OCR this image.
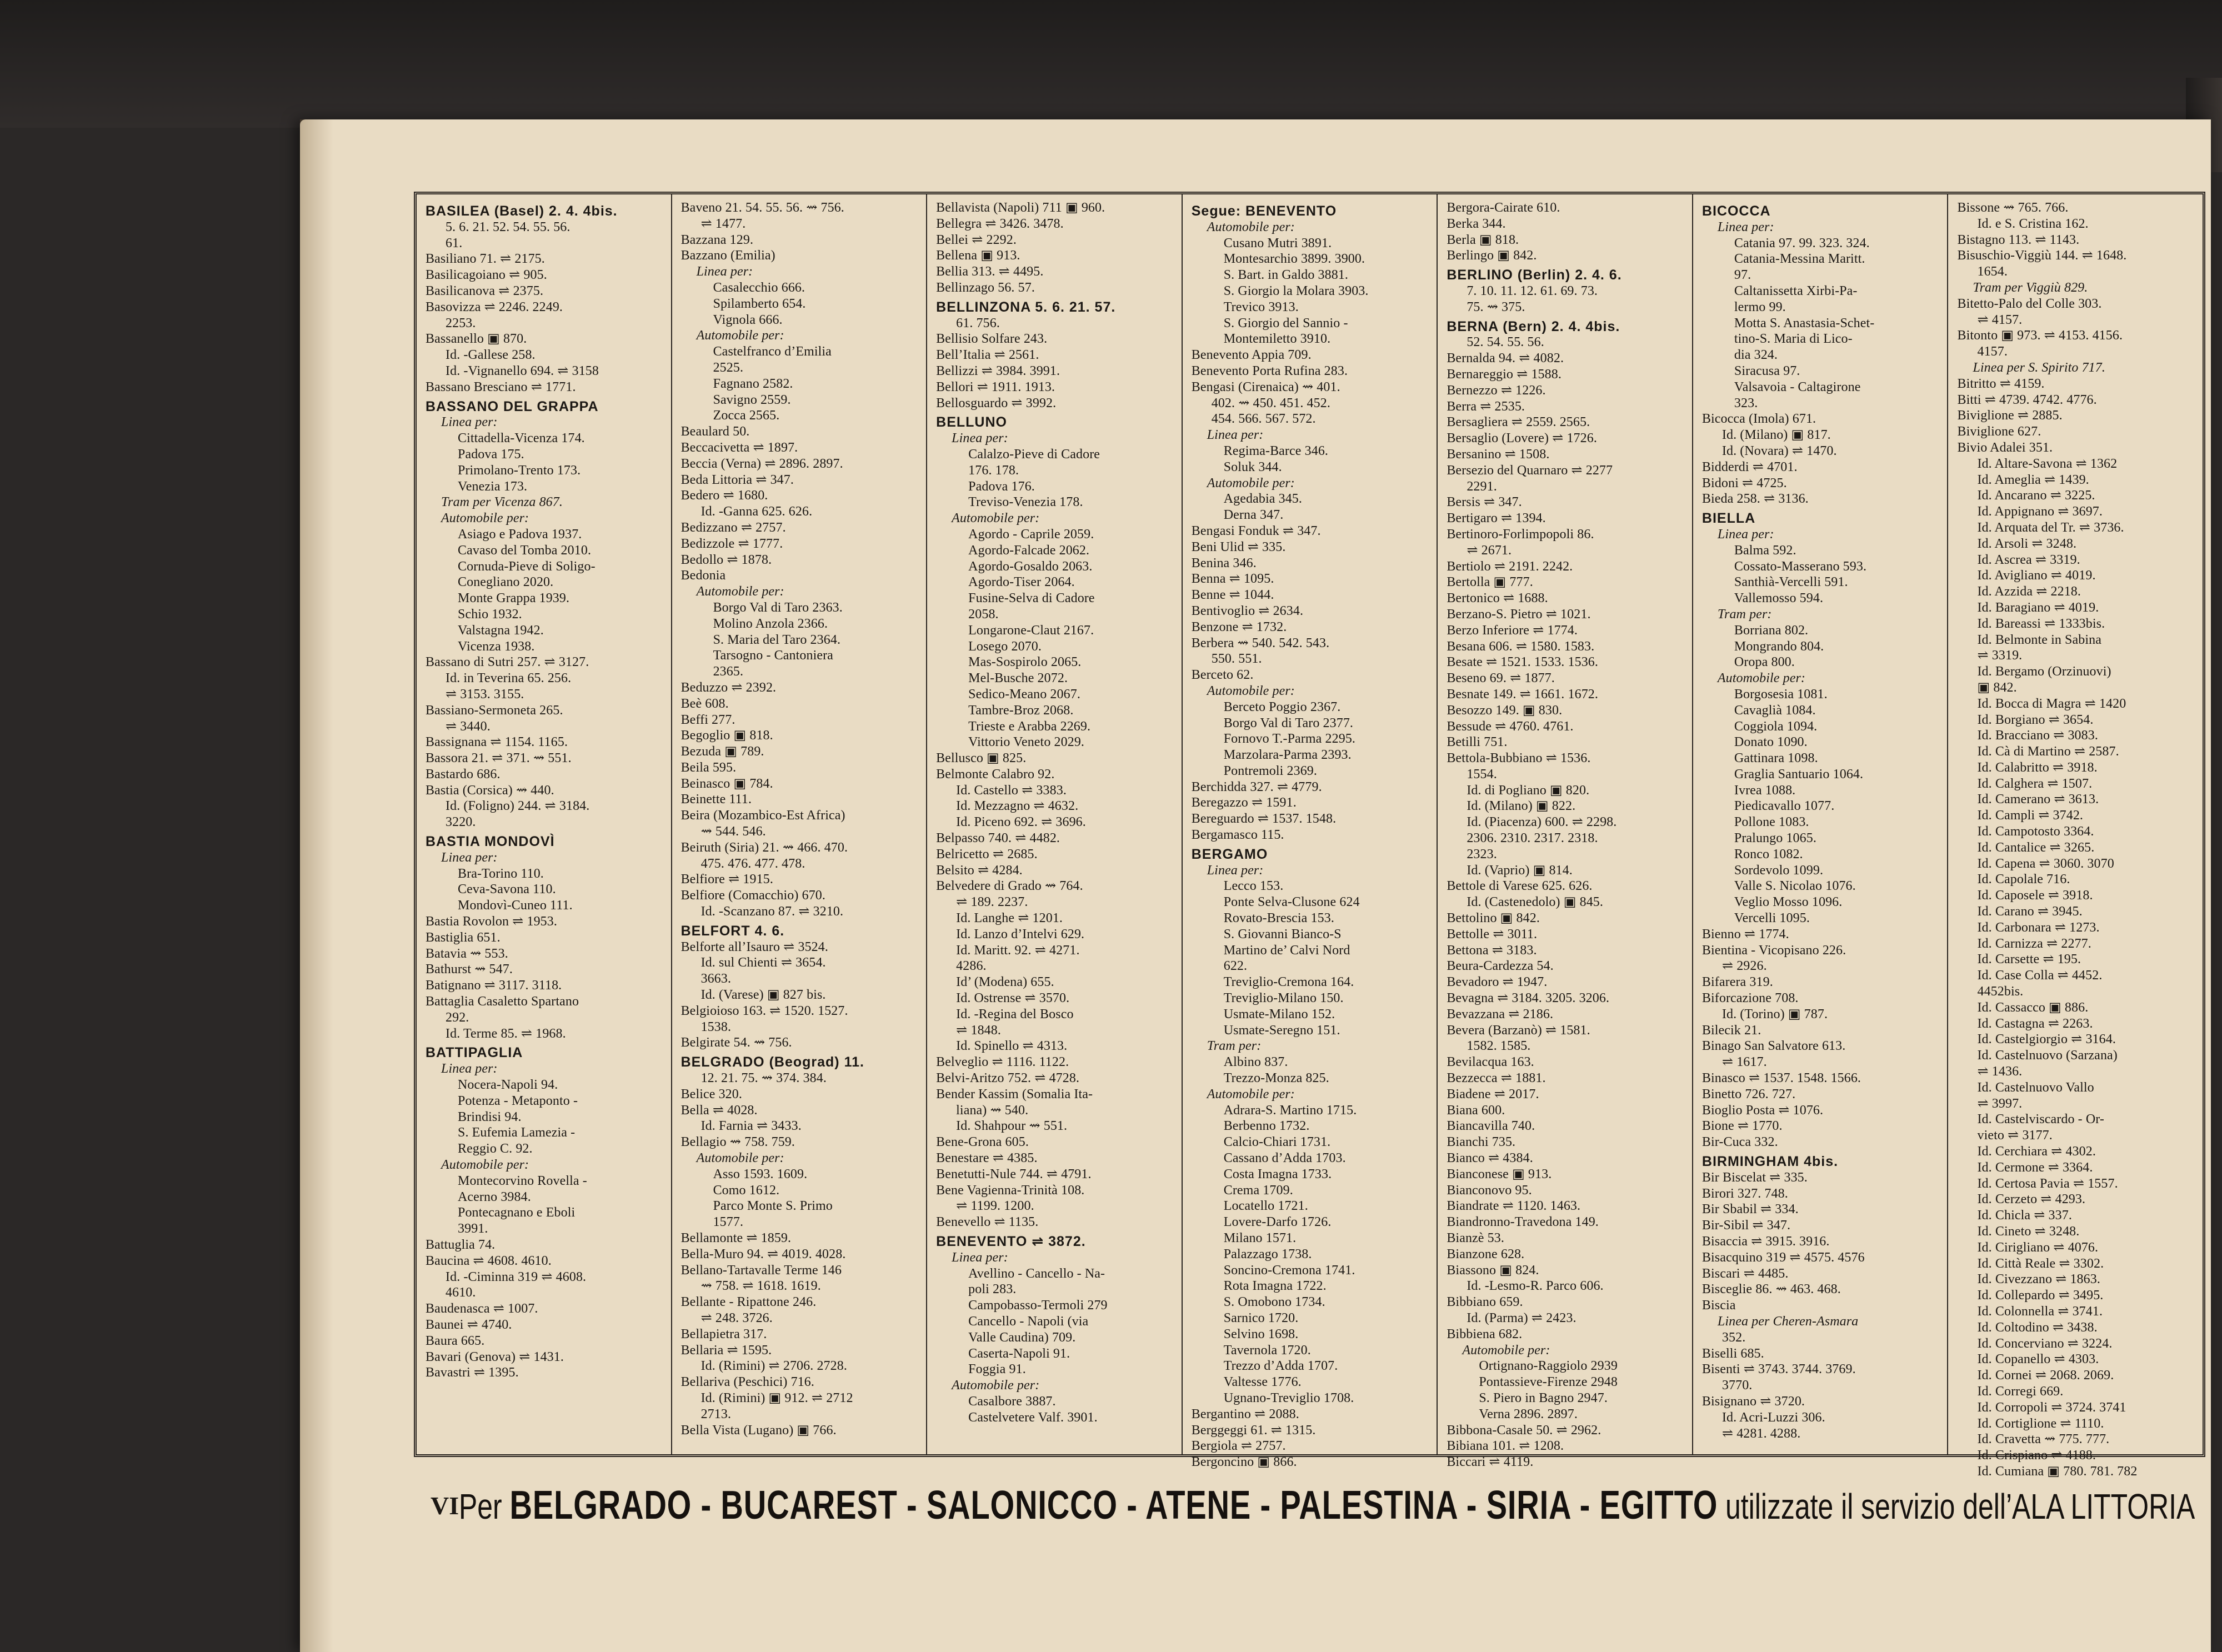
BASILEA (Basel) 2. 4. 4bis.
5. 6. 21. 52. 54. 55. 56.
61.
Basiliano 71. ⇌ 2175.
Basilicagoiano ⇌ 905.
Basilicanova ⇌ 2375.
Basovizza ⇌ 2246. 2249.
2253.
Bassanello ▣ 870.
Id. -Gallese 258.
Id. -Vignanello 694. ⇌ 3158
Bassano Bresciano ⇌ 1771.
BASSANO DEL GRAPPA
Linea per:
Cittadella-Vicenza 174.
Padova 175.
Primolano-Trento 173.
Venezia 173.
Tram per Vicenza 867.
Automobile per:
Asiago e Padova 1937.
Cavaso del Tomba 2010.
Cornuda-Pieve di Soligo-
Conegliano 2020.
Monte Grappa 1939.
Schio 1932.
Valstagna 1942.
Vicenza 1938.
Bassano di Sutri 257. ⇌ 3127.
Id. in Teverina 65. 256.
⇌ 3153. 3155.
Bassiano-Sermoneta 265.
⇌ 3440.
Bassignana ⇌ 1154. 1165.
Bassora 21. ⇌ 371. ⇝ 551.
Bastardo 686.
Bastia (Corsica) ⇝ 440.
Id. (Foligno) 244. ⇌ 3184.
3220.
BASTIA MONDOVÌ
Linea per:
Bra-Torino 110.
Ceva-Savona 110.
Mondovì-Cuneo 111.
Bastia Rovolon ⇌ 1953.
Bastiglia 651.
Batavia ⇝ 553.
Bathurst ⇝ 547.
Batignano ⇌ 3117. 3118.
Battaglia Casaletto Spartano
292.
Id. Terme 85. ⇌ 1968.
BATTIPAGLIA
Linea per:
Nocera-Napoli 94.
Potenza - Metaponto -
Brindisi 94.
S. Eufemia Lamezia -
Reggio C. 92.
Automobile per:
Montecorvino Rovella -
Acerno 3984.
Pontecagnano e Eboli
3991.
Battuglia 74.
Baucina ⇌ 4608. 4610.
Id. -Ciminna 319 ⇌ 4608.
4610.
Baudenasca ⇌ 1007.
Baunei ⇌ 4740.
Baura 665.
Bavari (Genova) ⇌ 1431.
Bavastri ⇌ 1395.
Baveno 21. 54. 55. 56. ⇝ 756.
⇌ 1477.
Bazzana 129.
Bazzano (Emilia)
Linea per:
Casalecchio 666.
Spilamberto 654.
Vignola 666.
Automobile per:
Castelfranco d’Emilia
2525.
Fagnano 2582.
Savigno 2559.
Zocca 2565.
Beaulard 50.
Beccacivetta ⇌ 1897.
Beccia (Verna) ⇌ 2896. 2897.
Beda Littoria ⇌ 347.
Bedero ⇌ 1680.
Id. -Ganna 625. 626.
Bedizzano ⇌ 2757.
Bedizzole ⇌ 1777.
Bedollo ⇌ 1878.
Bedonia
Automobile per:
Borgo Val di Taro 2363.
Molino Anzola 2366.
S. Maria del Taro 2364.
Tarsogno - Cantoniera
2365.
Beduzzo ⇌ 2392.
Beè 608.
Beffi 277.
Begoglio ▣ 818.
Bezuda ▣ 789.
Beila 595.
Beinasco ▣ 784.
Beinette 111.
Beira (Mozambico-Est Africa)
⇝ 544. 546.
Beiruth (Siria) 21. ⇝ 466. 470.
475. 476. 477. 478.
Belfiore ⇌ 1915.
Belfiore (Comacchio) 670.
Id. -Scanzano 87. ⇌ 3210.
BELFORT 4. 6.
Belforte all’Isauro ⇌ 3524.
Id. sul Chienti ⇌ 3654.
3663.
Id. (Varese) ▣ 827 bis.
Belgioioso 163. ⇌ 1520. 1527.
1538.
Belgirate 54. ⇝ 756.
BELGRADO (Beograd) 11.
12. 21. 75. ⇝ 374. 384.
Belice 320.
Bella ⇌ 4028.
Id. Farnia ⇌ 3433.
Bellagio ⇝ 758. 759.
Automobile per:
Asso 1593. 1609.
Como 1612.
Parco Monte S. Primo
1577.
Bellamonte ⇌ 1859.
Bella-Muro 94. ⇌ 4019. 4028.
Bellano-Tartavalle Terme 146
⇝ 758. ⇌ 1618. 1619.
Bellante - Ripattone 246.
⇌ 248. 3726.
Bellapietra 317.
Bellaria ⇌ 1595.
Id. (Rimini) ⇌ 2706. 2728.
Bellariva (Peschici) 716.
Id. (Rimini) ▣ 912. ⇌ 2712
2713.
Bella Vista (Lugano) ▣ 766.
Bellavista (Napoli) 711 ▣ 960.
Bellegra ⇌ 3426. 3478.
Bellei ⇌ 2292.
Bellena ▣ 913.
Bellia 313. ⇌ 4495.
Bellinzago 56. 57.
BELLINZONA 5. 6. 21. 57.
61. 756.
Bellisio Solfare 243.
Bell’Italia ⇌ 2561.
Bellizzi ⇌ 3984. 3991.
Bellori ⇌ 1911. 1913.
Bellosguardo ⇌ 3992.
BELLUNO
Linea per:
Calalzo-Pieve di Cadore
176. 178.
Padova 176.
Treviso-Venezia 178.
Automobile per:
Agordo - Caprile 2059.
Agordo-Falcade 2062.
Agordo-Gosaldo 2063.
Agordo-Tiser 2064.
Fusine-Selva di Cadore
2058.
Longarone-Claut 2167.
Losego 2070.
Mas-Sospirolo 2065.
Mel-Busche 2072.
Sedico-Meano 2067.
Tambre-Broz 2068.
Trieste e Arabba 2269.
Vittorio Veneto 2029.
Bellusco ▣ 825.
Belmonte Calabro 92.
Id. Castello ⇌ 3383.
Id. Mezzagno ⇌ 4632.
Id. Piceno 692. ⇌ 3696.
Belpasso 740. ⇌ 4482.
Belricetto ⇌ 2685.
Belsito ⇌ 4284.
Belvedere di Grado ⇝ 764.
⇌ 189. 2237.
Id. Langhe ⇌ 1201.
Id. Lanzo d’Intelvi 629.
Id. Maritt. 92. ⇌ 4271.
4286.
Id’ (Modena) 655.
Id. Ostrense ⇌ 3570.
Id. -Regina del Bosco
⇌ 1848.
Id. Spinello ⇌ 4313.
Belveglio ⇌ 1116. 1122.
Belvi-Aritzo 752. ⇌ 4728.
Bender Kassim (Somalia Ita-
liana) ⇝ 540.
Id. Shahpour ⇝ 551.
Bene-Grona 605.
Benestare ⇌ 4385.
Benetutti-Nule 744. ⇌ 4791.
Bene Vagienna-Trinità 108.
⇌ 1199. 1200.
Benevello ⇌ 1135.
BENEVENTO ⇌ 3872.
Linea per:
Avellino - Cancello - Na-
poli 283.
Campobasso-Termoli 279
Cancello - Napoli (via
Valle Caudina) 709.
Caserta-Napoli 91.
Foggia 91.
Automobile per:
Casalbore 3887.
Castelvetere Valf. 3901.
Segue: BENEVENTO
Automobile per:
Cusano Mutri 3891.
Montesarchio 3899. 3900.
S. Bart. in Galdo 3881.
S. Giorgio la Molara 3903.
Trevico 3913.
S. Giorgio del Sannio -
Montemiletto 3910.
Benevento Appia 709.
Benevento Porta Rufina 283.
Bengasi (Cirenaica) ⇝ 401.
402. ⇝ 450. 451. 452.
454. 566. 567. 572.
Linea per:
Regima-Barce 346.
Soluk 344.
Automobile per:
Agedabia 345.
Derna 347.
Bengasi Fonduk ⇌ 347.
Beni Ulid ⇌ 335.
Benina 346.
Benna ⇌ 1095.
Benne ⇌ 1044.
Bentivoglio ⇌ 2634.
Benzone ⇌ 1732.
Berbera ⇝ 540. 542. 543.
550. 551.
Berceto 62.
Automobile per:
Berceto Poggio 2367.
Borgo Val di Taro 2377.
Fornovo T.-Parma 2295.
Marzolara-Parma 2393.
Pontremoli 2369.
Berchidda 327. ⇌ 4779.
Beregazzo ⇌ 1591.
Bereguardo ⇌ 1537. 1548.
Bergamasco 115.
BERGAMO
Linea per:
Lecco 153.
Ponte Selva-Clusone 624
Rovato-Brescia 153.
S. Giovanni Bianco-S
Martino de’ Calvi Nord
622.
Treviglio-Cremona 164.
Treviglio-Milano 150.
Usmate-Milano 152.
Usmate-Seregno 151.
Tram per:
Albino 837.
Trezzo-Monza 825.
Automobile per:
Adrara-S. Martino 1715.
Berbenno 1732.
Calcio-Chiari 1731.
Cassano d’Adda 1703.
Costa Imagna 1733.
Crema 1709.
Locatello 1721.
Lovere-Darfo 1726.
Milano 1571.
Palazzago 1738.
Soncino-Cremona 1741.
Rota Imagna 1722.
S. Omobono 1734.
Sarnico 1720.
Selvino 1698.
Tavernola 1720.
Trezzo d’Adda 1707.
Valtesse 1776.
Ugnano-Treviglio 1708.
Bergantino ⇌ 2088.
Berggeggi 61. ⇌ 1315.
Bergiola ⇌ 2757.
Bergoncino ▣ 866.
Bergora-Cairate 610.
Berka 344.
Berla ▣ 818.
Berlingo ▣ 842.
BERLINO (Berlin) 2. 4. 6.
7. 10. 11. 12. 61. 69. 73.
75. ⇝ 375.
BERNA (Bern) 2. 4. 4bis.
52. 54. 55. 56.
Bernalda 94. ⇌ 4082.
Bernareggio ⇌ 1588.
Bernezzo ⇌ 1226.
Berra ⇌ 2535.
Bersagliera ⇌ 2559. 2565.
Bersaglio (Lovere) ⇌ 1726.
Bersanino ⇌ 1508.
Bersezio del Quarnaro ⇌ 2277
2291.
Bersis ⇌ 347.
Bertigaro ⇌ 1394.
Bertinoro-Forlimpopoli 86.
⇌ 2671.
Bertiolo ⇌ 2191. 2242.
Bertolla ▣ 777.
Bertonico ⇌ 1688.
Berzano-S. Pietro ⇌ 1021.
Berzo Inferiore ⇌ 1774.
Besana 606. ⇌ 1580. 1583.
Besate ⇌ 1521. 1533. 1536.
Beseno 69. ⇌ 1877.
Besnate 149. ⇌ 1661. 1672.
Besozzo 149. ▣ 830.
Bessude ⇌ 4760. 4761.
Betilli 751.
Bettola-Bubbiano ⇌ 1536.
1554.
Id. di Pogliano ▣ 820.
Id. (Milano) ▣ 822.
Id. (Piacenza) 600. ⇌ 2298.
2306. 2310. 2317. 2318.
2323.
Id. (Vaprio) ▣ 814.
Bettole di Varese 625. 626.
Id. (Castenedolo) ▣ 845.
Bettolino ▣ 842.
Bettolle ⇌ 3011.
Bettona ⇌ 3183.
Beura-Cardezza 54.
Bevadoro ⇌ 1947.
Bevagna ⇌ 3184. 3205. 3206.
Bevazzana ⇌ 2186.
Bevera (Barzanò) ⇌ 1581.
1582. 1585.
Bevilacqua 163.
Bezzecca ⇌ 1881.
Biadene ⇌ 2017.
Biana 600.
Biancavilla 740.
Bianchi 735.
Bianco ⇌ 4384.
Bianconese ▣ 913.
Bianconovo 95.
Biandrate ⇌ 1120. 1463.
Biandronno-Travedona 149.
Bianzè 53.
Bianzone 628.
Biassono ▣ 824.
Id. -Lesmo-R. Parco 606.
Bibbiano 659.
Id. (Parma) ⇌ 2423.
Bibbiena 682.
Automobile per:
Ortignano-Raggiolo 2939
Pontassieve-Firenze 2948
S. Piero in Bagno 2947.
Verna 2896. 2897.
Bibbona-Casale 50. ⇌ 2962.
Bibiana 101. ⇌ 1208.
Biccari ⇌ 4119.
BICOCCA
Linea per:
Catania 97. 99. 323. 324.
Catania-Messina Maritt.
97.
Caltanissetta Xirbi-Pa-
lermo 99.
Motta S. Anastasia-Schet-
tino-S. Maria di Lico-
dia 324.
Siracusa 97.
Valsavoia - Caltagirone
323.
Bicocca (Imola) 671.
Id. (Milano) ▣ 817.
Id. (Novara) ⇌ 1470.
Bidderdi ⇌ 4701.
Bidoni ⇌ 4725.
Bieda 258. ⇌ 3136.
BIELLA
Linea per:
Balma 592.
Cossato-Masserano 593.
Santhià-Vercelli 591.
Vallemosso 594.
Tram per:
Borriana 802.
Mongrando 804.
Oropa 800.
Automobile per:
Borgosesia 1081.
Cavaglià 1084.
Coggiola 1094.
Donato 1090.
Gattinara 1098.
Graglia Santuario 1064.
Ivrea 1088.
Piedicavallo 1077.
Pollone 1083.
Pralungo 1065.
Ronco 1082.
Sordevolo 1099.
Valle S. Nicolao 1076.
Veglio Mosso 1096.
Vercelli 1095.
Bienno ⇌ 1774.
Bientina - Vicopisano 226.
⇌ 2926.
Bifarera 319.
Biforcazione 708.
Id. (Torino) ▣ 787.
Bilecik 21.
Binago San Salvatore 613.
⇌ 1617.
Binasco ⇌ 1537. 1548. 1566.
Binetto 726. 727.
Bioglio Posta ⇌ 1076.
Bione ⇌ 1770.
Bir-Cuca 332.
BIRMINGHAM 4bis.
Bir Biscelat ⇌ 335.
Birori 327. 748.
Bir Sbabil ⇌ 334.
Bir-Sibil ⇌ 347.
Bisaccia ⇌ 3915. 3916.
Bisacquino 319 ⇌ 4575. 4576
Biscari ⇌ 4485.
Bisceglie 86. ⇝ 463. 468.
Biscia
Linea per Cheren-Asmara
352.
Biselli 685.
Bisenti ⇌ 3743. 3744. 3769.
3770.
Bisignano ⇌ 3720.
Id. Acri-Luzzi 306.
⇌ 4281. 4288.
Bissone ⇝ 765. 766.
Id. e S. Cristina 162.
Bistagno 113. ⇌ 1143.
Bisuschio-Viggiù 144. ⇌ 1648.
1654.
Tram per Viggiù 829.
Bitetto-Palo del Colle 303.
⇌ 4157.
Bitonto ▣ 973. ⇌ 4153. 4156.
4157.
Linea per S. Spirito 717.
Bitritto ⇌ 4159.
Bitti ⇌ 4739. 4742. 4776.
Biviglione ⇌ 2885.
Biviglione 627.
Bivio Adalei 351.
Id. Altare-Savona ⇌ 1362
Id. Ameglia ⇌ 1439.
Id. Ancarano ⇌ 3225.
Id. Appignano ⇌ 3697.
Id. Arquata del Tr. ⇌ 3736.
Id. Arsoli ⇌ 3248.
Id. Ascrea ⇌ 3319.
Id. Avigliano ⇌ 4019.
Id. Azzida ⇌ 2218.
Id. Baragiano ⇌ 4019.
Id. Bareassi ⇌ 1333bis.
Id. Belmonte in Sabina
⇌ 3319.
Id. Bergamo (Orzinuovi)
▣ 842.
Id. Bocca di Magra ⇌ 1420
Id. Borgiano ⇌ 3654.
Id. Bracciano ⇌ 3083.
Id. Cà di Martino ⇌ 2587.
Id. Calabritto ⇌ 3918.
Id. Calghera ⇌ 1507.
Id. Camerano ⇌ 3613.
Id. Campli ⇌ 3742.
Id. Campotosto 3364.
Id. Cantalice ⇌ 3265.
Id. Capena ⇌ 3060. 3070
Id. Capolale 716.
Id. Caposele ⇌ 3918.
Id. Carano ⇌ 3945.
Id. Carbonara ⇌ 1273.
Id. Carnizza ⇌ 2277.
Id. Carsette ⇌ 195.
Id. Case Colla ⇌ 4452.
4452bis.
Id. Cassacco ▣ 886.
Id. Castagna ⇌ 2263.
Id. Castelgiorgio ⇌ 3164.
Id. Castelnuovo (Sarzana)
⇌ 1436.
Id. Castelnuovo Vallo
⇌ 3997.
Id. Castelviscardo - Or-
vieto ⇌ 3177.
Id. Cerchiara ⇌ 4302.
Id. Cermone ⇌ 3364.
Id. Certosa Pavia ⇌ 1557.
Id. Cerzeto ⇌ 4293.
Id. Chicla ⇌ 337.
Id. Cineto ⇌ 3248.
Id. Cirigliano ⇌ 4076.
Id. Città Reale ⇌ 3302.
Id. Civezzano ⇌ 1863.
Id. Collepardo ⇌ 3495.
Id. Colonnella ⇌ 3741.
Id. Coltodino ⇌ 3438.
Id. Concerviano ⇌ 3224.
Id. Copanello ⇌ 4303.
Id. Cornei ⇌ 2068. 2069.
Id. Corregi 669.
Id. Corropoli ⇌ 3724. 3741
Id. Cortiglione ⇌ 1110.
Id. Cravetta ⇝ 775. 777.
Id. Crispiano ⇌ 4188.
Id. Cumiana ▣ 780. 781. 782
VI Per BELGRADO - BUCAREST - SALONICCO - ATENE - PALESTINA - SIRIA - EGITTO utilizzate il servizio dell’ALA LITTORIA
